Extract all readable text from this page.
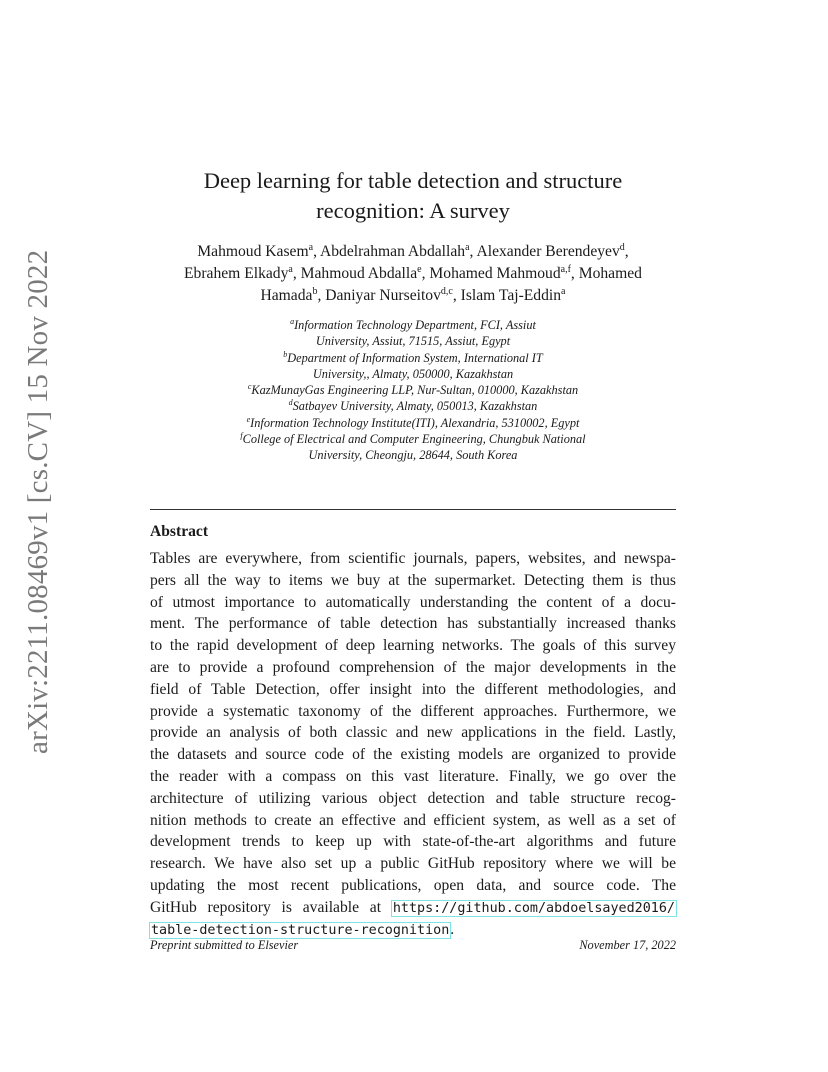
arXiv:2211.08469v1 [cs.CV] 15 Nov 2022
Deep learning for table detection and structure
recognition: A survey
Mahmoud Kasem$^a$, Abdelrahman Abdallah$^a$, Alexander Berendeyev$^d$,
Ebrahem Elkady$^a$, Mahmoud Abdalla$^e$, Mohamed Mahmoud$^{a,f}$, Mohamed
Hamada$^b$, Daniyar Nurseitov$^{d,c}$, Islam Taj-Eddin$^a$
$^a$Information Technology Department, FCI, Assiut
University, Assiut, 71515, Assiut, Egypt
$^b$Department of Information System, International IT
University,, Almaty, 050000, Kazakhstan
$^c$KazMunayGas Engineering LLP, Nur-Sultan, 010000, Kazakhstan
$^d$Satbayev University, Almaty, 050013, Kazakhstan
$^e$Information Technology Institute(ITI), Alexandria, 5310002, Egypt
$^f$College of Electrical and Computer Engineering, Chungbuk National
University, Cheongju, 28644, South Korea
Abstract
Tables are everywhere, from scientific journals, papers, websites, and newspa-
pers all the way to items we buy at the supermarket. Detecting them is thus
of utmost importance to automatically understanding the content of a docu-
ment. The performance of table detection has substantially increased thanks
to the rapid development of deep learning networks. The goals of this survey
are to provide a profound comprehension of the major developments in the
field of Table Detection, offer insight into the different methodologies, and
provide a systematic taxonomy of the different approaches. Furthermore, we
provide an analysis of both classic and new applications in the field. Lastly,
the datasets and source code of the existing models are organized to provide
the reader with a compass on this vast literature. Finally, we go over the
architecture of utilizing various object detection and table structure recog-
nition methods to create an effective and efficient system, as well as a set of
development trends to keep up with state-of-the-art algorithms and future
research. We have also set up a public GitHub repository where we will be
updating the most recent publications, open data, and source code. The
GitHub repository is available at https://github.com/abdoelsayed2016/
table-detection-structure-recognition.
Preprint submitted to Elsevier	November 17, 2022
